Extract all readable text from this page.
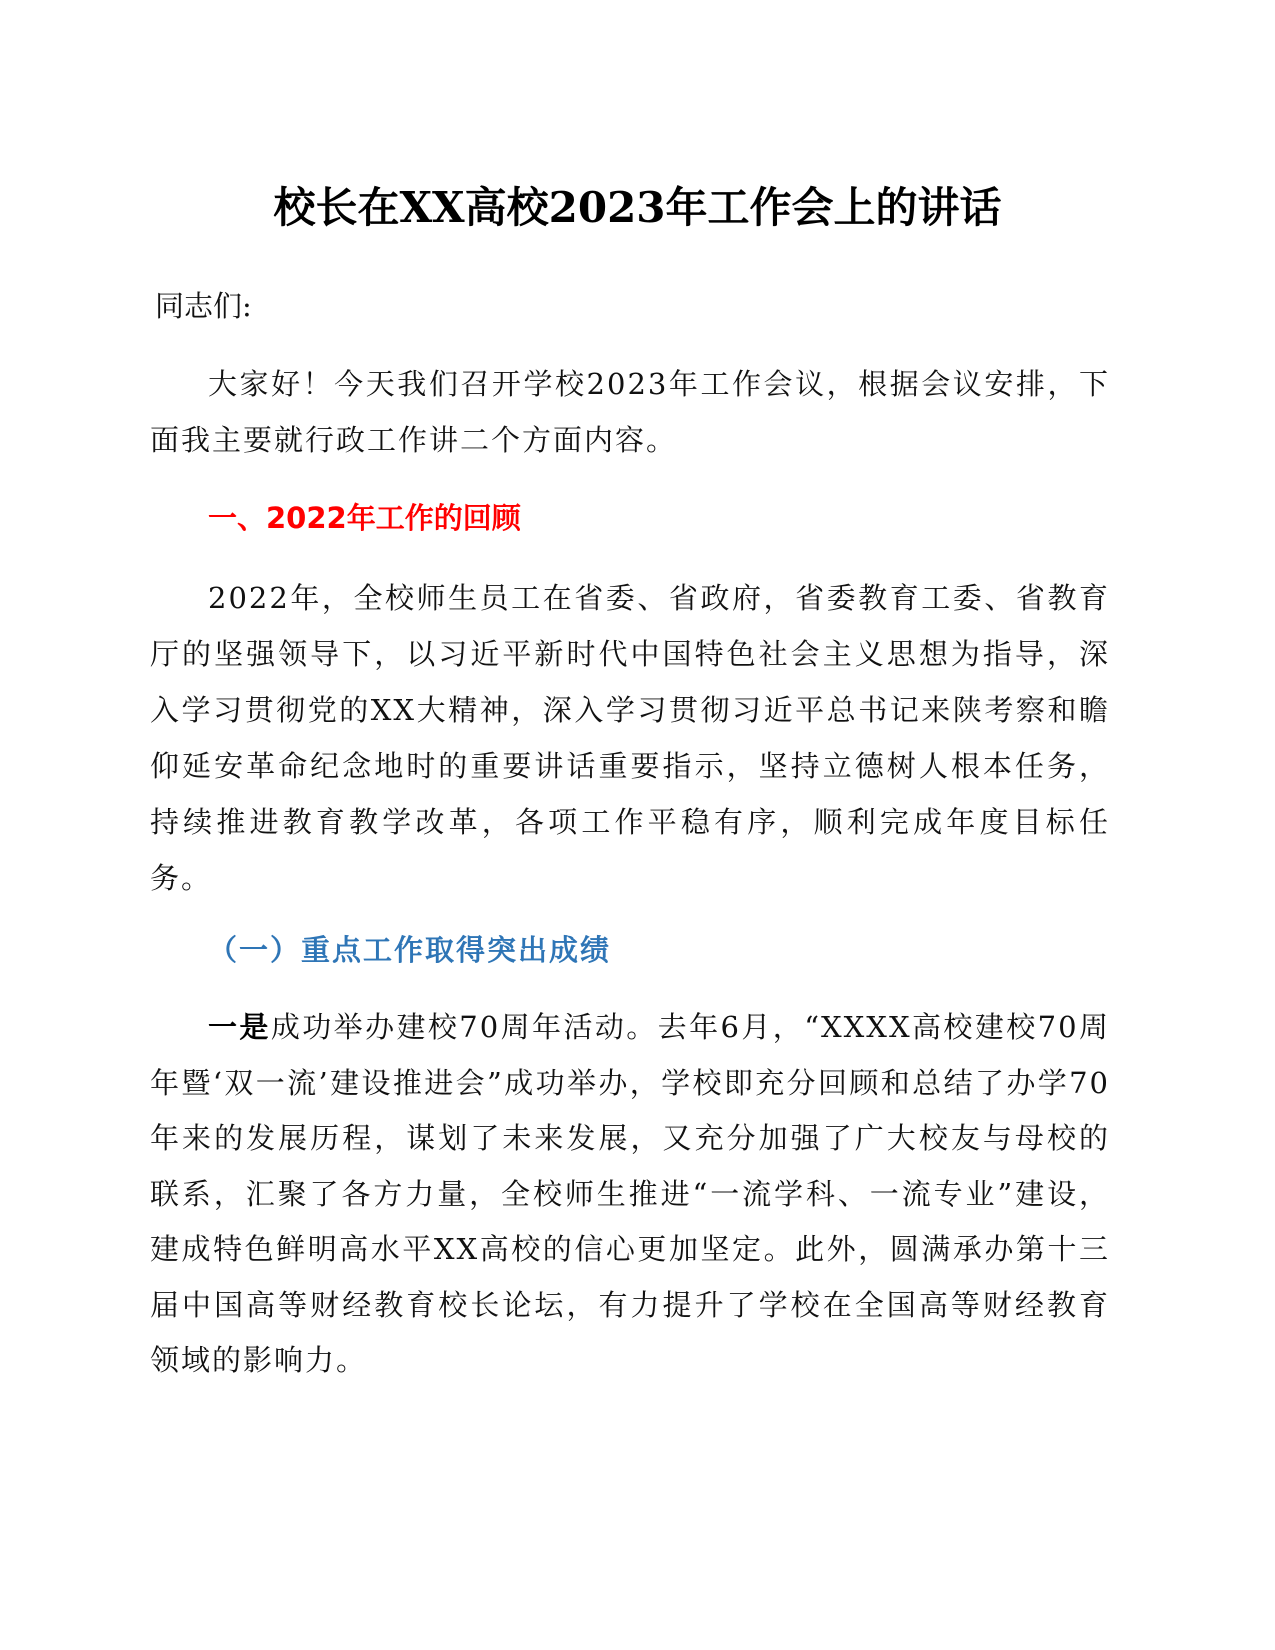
校长在XX高校2023年工作会上的讲话

同志们:

大家好！今天我们召开学校2023年工作会议，根据会议安排，下面我主要就行政工作讲二个方面内容。

一、2022年工作的回顾

2022年，全校师生员工在省委、省政府，省委教育工委、省教育厅的坚强领导下，以习近平新时代中国特色社会主义思想为指导，深入学习贯彻党的XX大精神，深入学习贯彻习近平总书记来陕考察和瞻仰延安革命纪念地时的重要讲话重要指示，坚持立德树人根本任务，持续推进教育教学改革，各项工作平稳有序，顺利完成年度目标任务。

（一）重点工作取得突出成绩

一是成功举办建校70周年活动。去年6月，“XXXX高校建校70周年暨‘双一流’建设推进会”成功举办，学校即充分回顾和总结了办学70年来的发展历程，谋划了未来发展，又充分加强了广大校友与母校的联系，汇聚了各方力量，全校师生推进“一流学科、一流专业”建设，建成特色鲜明高水平XX高校的信心更加坚定。此外，圆满承办第十三届中国高等财经教育校长论坛，有力提升了学校在全国高等财经教育领域的影响力。
